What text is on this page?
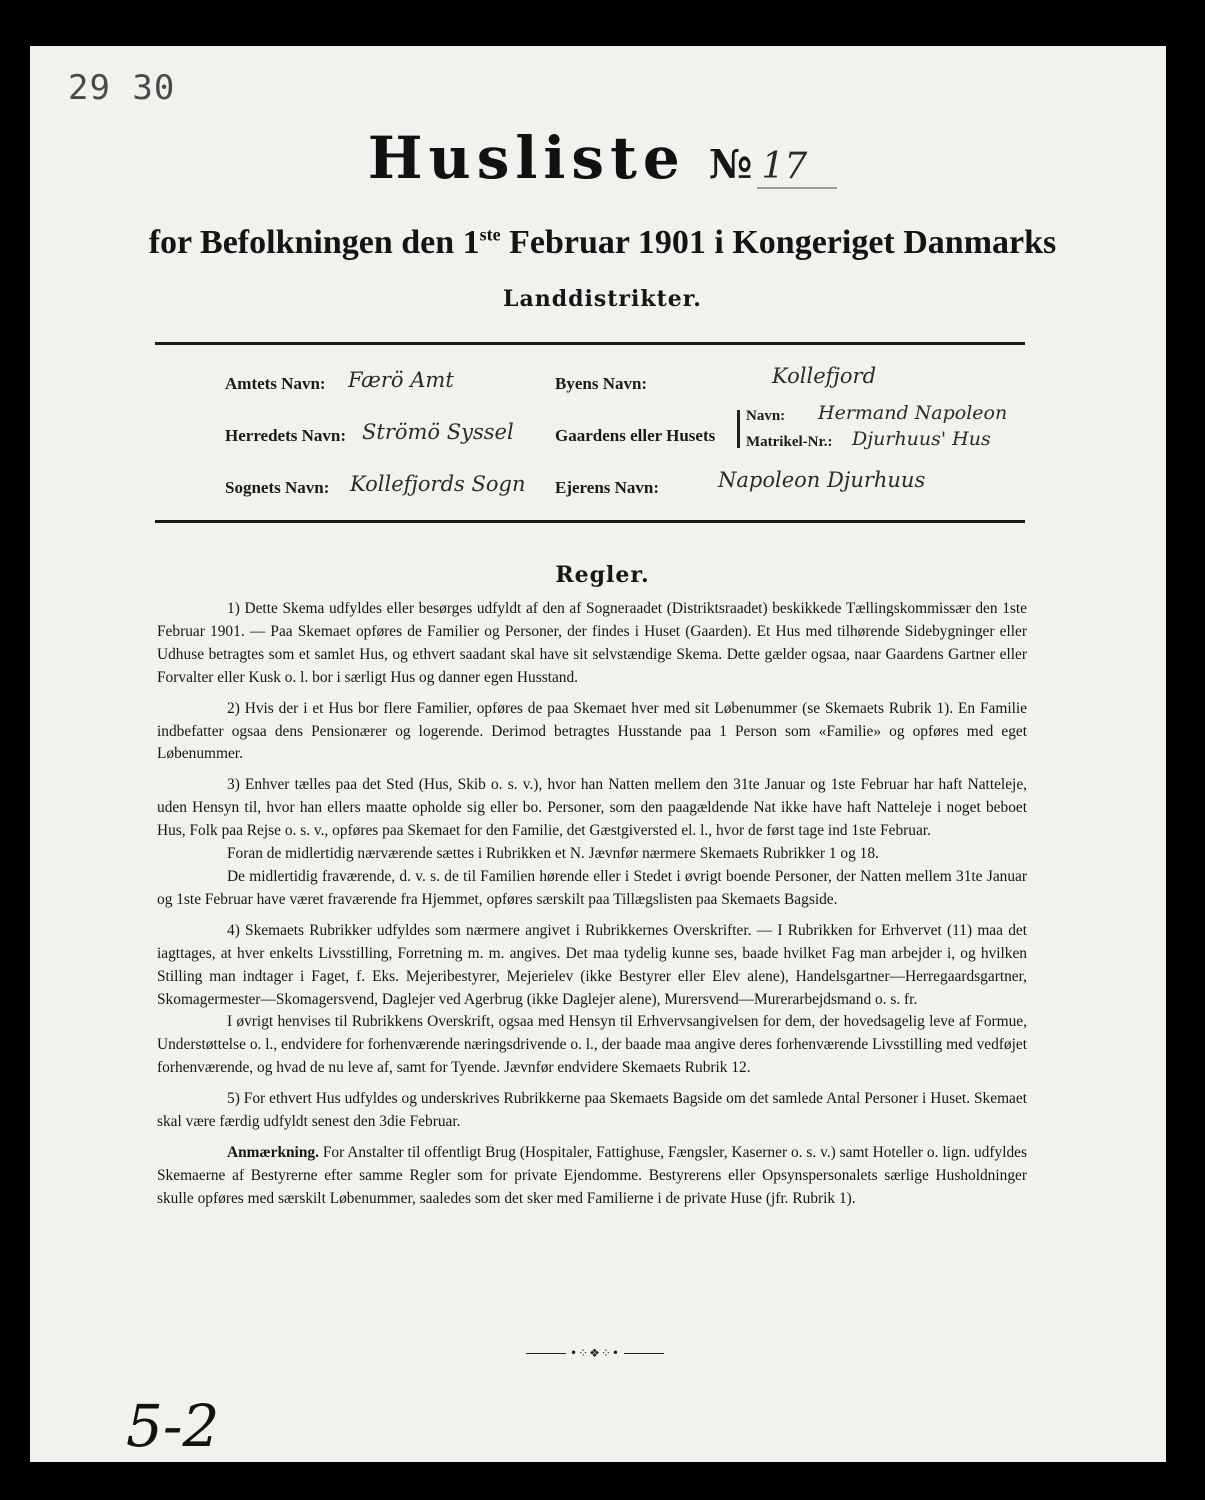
29 30
Husliste № 17
for Befolkningen den 1ste Februar 1901 i Kongeriget Danmarks
Landdistrikter.
Amtets Navn: Færö Amt
Herredets Navn: Strömö Syssel
Sognets Navn: Kollefjords Sogn
Byens Navn:	Kollefjord
Gaardens eller Husets
Navn: Hermand Napoleon
Matrikel-Nr.: Djurhuus' Hus
Ejerens Navn:	Napoleon Djurhuus
Regler.

1) Dette Skema udfyldes eller besørges udfyldt af den af Sogneraadet (Distriktsraadet) beskikkede Tællingskommissær den 1ste Februar 1901. — Paa Skemaet opføres de Familier og Personer, der findes i Huset (Gaarden). Et Hus med tilhørende Sidebygninger eller Udhuse betragtes som et samlet Hus, og ethvert saadant skal have sit selvstændige Skema. Dette gælder ogsaa, naar Gaardens Gartner eller Forvalter eller Kusk o. l. bor i særligt Hus og danner egen Husstand.

2) Hvis der i et Hus bor flere Familier, opføres de paa Skemaet hver med sit Løbenummer (se Skemaets Rubrik 1). En Familie indbefatter ogsaa dens Pensionærer og logerende. Derimod betragtes Husstande paa 1 Person som «Familie» og opføres med eget Løbenummer.

3) Enhver tælles paa det Sted (Hus, Skib o. s. v.), hvor han Natten mellem den 31te Januar og 1ste Februar har haft Natteleje, uden Hensyn til, hvor han ellers maatte opholde sig eller bo. Personer, som den paagældende Nat ikke have haft Natteleje i noget beboet Hus, Folk paa Rejse o. s. v., opføres paa Skemaet for den Familie, det Gæstgiversted el. l., hvor de først tage ind 1ste Februar.

Foran de midlertidig nærværende sættes i Rubrikken et N. Jævnfør nærmere Skemaets Rubrikker 1 og 18.

De midlertidig fraværende, d. v. s. de til Familien hørende eller i Stedet i øvrigt boende Personer, der Natten mellem 31te Januar og 1ste Februar have været fraværende fra Hjemmet, opføres særskilt paa Tillægslisten paa Skemaets Bagside.

4) Skemaets Rubrikker udfyldes som nærmere angivet i Rubrikkernes Overskrifter. — I Rubrikken for Erhvervet (11) maa det iagttages, at hver enkelts Livsstilling, Forretning m. m. angives. Det maa tydelig kunne ses, baade hvilket Fag man arbejder i, og hvilken Stilling man indtager i Faget, f. Eks. Mejeribestyrer, Mejerielev (ikke Bestyrer eller Elev alene), Handelsgartner—Herregaardsgartner, Skomagermester—Skomagersvend, Daglejer ved Agerbrug (ikke Daglejer alene), Murersvend—Murerarbejdsmand o. s. fr.

I øvrigt henvises til Rubrikkens Overskrift, ogsaa med Hensyn til Erhvervsangivelsen for dem, der hovedsagelig leve af Formue, Understøttelse o. l., endvidere for forhenværende næringsdrivende o. l., der baade maa angive deres forhenværende Livsstilling med vedføjet forhenværende, og hvad de nu leve af, samt for Tyende. Jævnfør endvidere Skemaets Rubrik 12.

5) For ethvert Hus udfyldes og underskrives Rubrikkerne paa Skemaets Bagside om det samlede Antal Personer i Huset. Skemaet skal være færdig udfyldt senest den 3die Februar.

Anmærkning. For Anstalter til offentligt Brug (Hospitaler, Fattighuse, Fængsler, Kaserner o. s. v.) samt Hoteller o. lign. udfyldes Skemaerne af Bestyrerne efter samme Regler som for private Ejendomme. Bestyrerens eller Opsynspersonalets særlige Husholdninger skulle opføres med særskilt Løbenummer, saaledes som det sker med Familierne i de private Huse (jfr. Rubrik 1).

•⁘❖⁘•
5-2
